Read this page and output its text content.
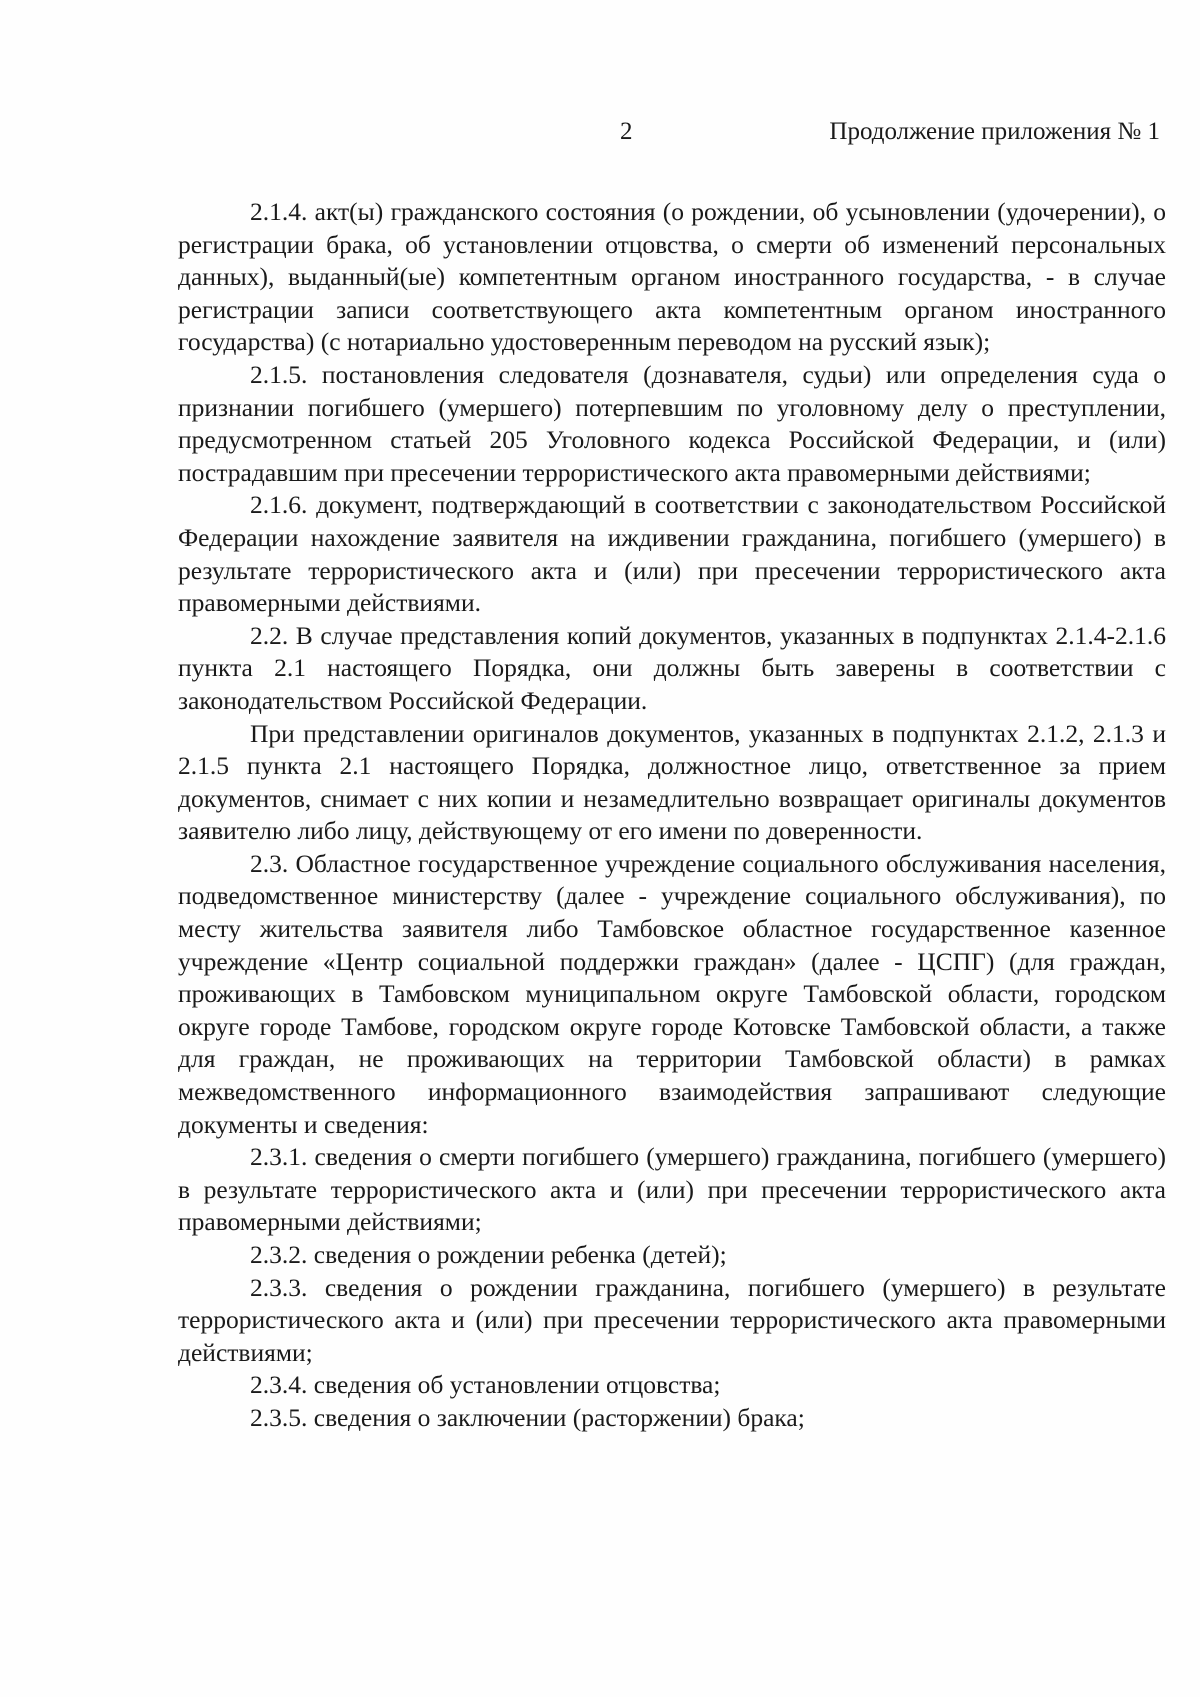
2	Продолжение приложения № 1

2.1.4. акт(ы) гражданского состояния (о рождении, об усыновлении (удочерении), о регистрации брака, об установлении отцовства, о смерти об изменений персональных данных), выданный(ые) компетентным органом иностранного государства, - в случае регистрации записи соответствующего акта компетентным органом иностранного государства) (с нотариально удостоверенным переводом на русский язык);

2.1.5. постановления следователя (дознавателя, судьи) или определения суда о признании погибшего (умершего) потерпевшим по уголовному делу о преступлении, предусмотренном статьей 205 Уголовного кодекса Российской Федерации, и (или) пострадавшим при пресечении террористического акта правомерными действиями;

2.1.6. документ, подтверждающий в соответствии с законодательством Российской Федерации нахождение заявителя на иждивении гражданина, погибшего (умершего) в результате террористического акта и (или) при пресечении террористического акта правомерными действиями.

2.2. В случае представления копий документов, указанных в подпунктах 2.1.4-2.1.6 пункта 2.1 настоящего Порядка, они должны быть заверены в соответствии с законодательством Российской Федерации.

При представлении оригиналов документов, указанных в подпунктах 2.1.2, 2.1.3 и 2.1.5 пункта 2.1 настоящего Порядка, должностное лицо, ответственное за прием документов, снимает с них копии и незамедлительно возвращает оригиналы документов заявителю либо лицу, действующему от его имени по доверенности.

2.3. Областное государственное учреждение социального обслуживания населения, подведомственное министерству (далее - учреждение социального обслуживания), по месту жительства заявителя либо Тамбовское областное государственное казенное учреждение «Центр социальной поддержки граждан» (далее - ЦСПГ) (для граждан, проживающих в Тамбовском муниципальном округе Тамбовской области, городском округе городе Тамбове, городском округе городе Котовске Тамбовской области, а также для граждан, не проживающих на территории Тамбовской области) в рамках межведомственного информационного взаимодействия запрашивают следующие документы и сведения:

2.3.1. сведения о смерти погибшего (умершего) гражданина, погибшего (умершего) в результате террористического акта и (или) при пресечении террористического акта правомерными действиями;

2.3.2. сведения о рождении ребенка (детей);

2.3.3. сведения о рождении гражданина, погибшего (умершего) в результате террористического акта и (или) при пресечении террористического акта правомерными действиями;

2.3.4. сведения об установлении отцовства;

2.3.5. сведения о заключении (расторжении) брака;
